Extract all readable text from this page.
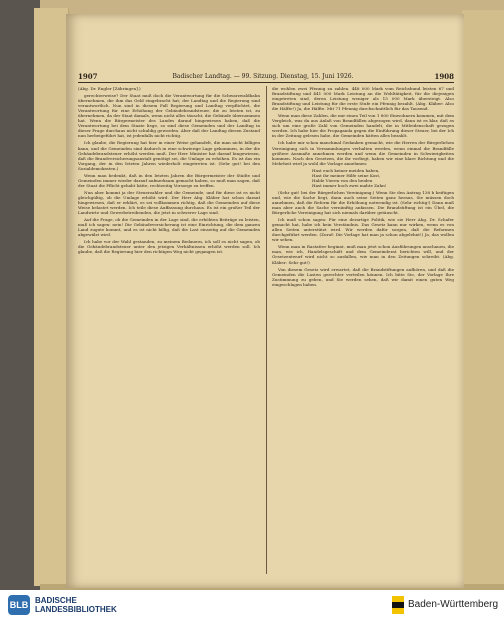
1907	Badischer Landtag. — 99. Sitzung. Dienstag, 15. Juni 1926.	1908

(Abg. Dr. Engler [Zähringen].)

gerechterweise? Der Staat muß doch die Verantwortung für die Schwarzwaldbahn übernehmen, die ihm das Geld eingebracht hat; der Landtag und die Regierung sind verantwortlich. Nun sind in diesem Fall Regierung und Landtag verpflichtet, die Verantwortung für eine Erhöhung der Gebäudebrandsteuer, die zu leisten ist, zu übernehmen, da der Staat damals, wenn nicht alles täuscht, die Gebäude übernommen hat. Wenn die Bürgermeister des Landes darauf hingewiesen haben, daß die Verantwortung bei dem Staate liege, so sind diese Gemeinden und der Landtag in dieser Frage durchaus nicht schuldig geworden. Aber daß der Landtag diesen Zustand nun herbeigeführt hat, ist jedenfalls nicht richtig.

Ich glaube, die Regierung hat hier in einer Weise gehandelt, die man nicht billigen kann, und die Gemeinden sind dadurch in eine schwierige Lage gekommen, in der die Gebäudebrandsteuer erhöht werden muß. Der Herr Minister hat darauf hingewiesen, daß die Brandversicherungsanstalt genötigt sei, die Umlage zu erhöhen. Es ist das ein Vorgang, der in den letzten Jahren wiederholt eingetreten ist. (Sehr gut! bei den Sozialdemokraten.)

Wenn man bedenkt, daß in den letzten Jahren die Bürgermeister der Städte und Gemeinden immer wieder darauf aufmerksam gemacht haben, so muß man sagen, daß der Staat die Pflicht gehabt hätte, rechtzeitig Vorsorge zu treffen.

Nun aber kommt ja der Steuerzahler und die Gemeinde, und für diese ist es nicht gleichgültig, ob die Umlage erhöht wird. Der Herr Abg. Kläber hat schon darauf hingewiesen, daß er erklärt, es sei vollkommen richtig, daß die Gemeinden auf diese Weise belastet werden. Ich teile diese Auffassung durchaus. Es ist ein großer Teil der Landwirte und Gewerbetreibenden, die jetzt in schwerer Lage sind.

Auf die Frage, ob die Gemeinden in der Lage sind, die erhöhten Beiträge zu leisten, muß ich sagen: nein! Die Gebäudeversicherung ist eine Einrichtung, die dem ganzen Land zugute kommt, und es ist nicht billig, daß die Last einseitig auf die Gemeinden abgewälzt wird.

Ich habe vor der Wahl gestanden, zu meinem Bedauern, ich soll es nicht sagen, ob die Gebäudebrandsteuer unter den jetzigen Verhältnissen erhöht werden soll. Ich glaube, daß die Regierung hier den richtigen Weg nicht gegangen ist.

die wohlen zwei Pfennig zu zahlen. 448 000 Mark vom Reichsbund leisten 67 und Brandstiftung und 441 000 Mark Leistung an die Wohltätigkeit, für die diejenigen eingetreten sind, deren Leistung weniger als 15 000 Mark übersteigt. Also Brandstiftung und Leistung für die erste Stufe ein Pfennig bezahlt. (Abg. Kläber: Also die Hälfte!) Ja, die Hälfte. Mit 71 Pfennig durchschnittlich für das Tausend.

Wenn man diese Zahlen, die mir einen Teil von 1 800 Einwohnern kommen, mit dem Vergleich, was da aus Anlaß von Brandfällen abgezogen wird, dann ist es klar, daß es sich um eine große Zahl von Gemeinden handelt, die in Mitleidenschaft gezogen werden. Ich habe hier die Propaganda gegen die Einführung dieser Steuer, bei der Ich in der Zeitung gelesen habe, die Gemeinden hätten alles bezahlt.

Ich habe mir schon manchmal Gedanken gemacht, wie die Herren der Bürgerlichen Vereinigung sich in Versammlungen verhalten werden, wenn einmal die Brandfälle größere Ausmaße annehmen werden und wenn die Gemeinden in Schwierigkeiten kommen. Nach den Gesetzen, die ihr vorliegt, haben wir eine klare Richtung und die Mehrheit wird ja wohl die Vorlage annehmen:

Hast euch keiner meiden haben,
Hast ihr meiner Hilfe seine Kost,
Halde Vieren von den beiden
Hast immer hoch zwei mahte Zahn!

(Sehr gut! bei der Bürgerlichen Vereinigung.) Wenn Sie den Antrag 138 b beifügen und, wie die Sache liegt, dann auch seine Seiten ganz heraus, Sie müssen doch annehmen, daß die Reform für die Erhöhung notwendig ist. (Sehr richtig!) Dann muß man aber auch die Sache vernünftig anfassen. Die Brandstiftung ist ein Übel, die Bürgerliche Vereinigung hat sich niemals darüber getäuscht.

Ich muß schon sagen: Für eine derartige Politik, wie sie Herr Abg. Dr. Schafer gemacht hat, habe ich kein Verständnis. Das Gesetz kann nur wirken, wenn es von allen Seiten unterstützt wird. Wir werden dafür sorgen, daß die Reformen durchgeführt werden. (Zuruf: Die Vorlage hat man ja schon abgelehnt!) Ja, das wollen wir sehen.

Wenn man in Rastatter beginnt, muß man jetzt schon Ausführungen anschauen, die man, wie ich, Handelsgeschäft und dem Gemeinderat berichten will, und der Gesetzentwurf wird nicht so ausfallen, wie man in den Zeitungen schreibt. (Abg. Kläber: Sehr gut!)

Von diesem Gesetz wird erwartet, daß die Brandstiftungen aufhören, und daß die Gemeinden die Lasten gerechter verteilen können. Ich bitte Sie, der Vorlage Ihre Zustimmung zu geben, und Sie werden sehen, daß wir damit einen guten Weg eingeschlagen haben.

BLB BADISCHE
LANDESBIBLIOTHEK	Baden-Württemberg
